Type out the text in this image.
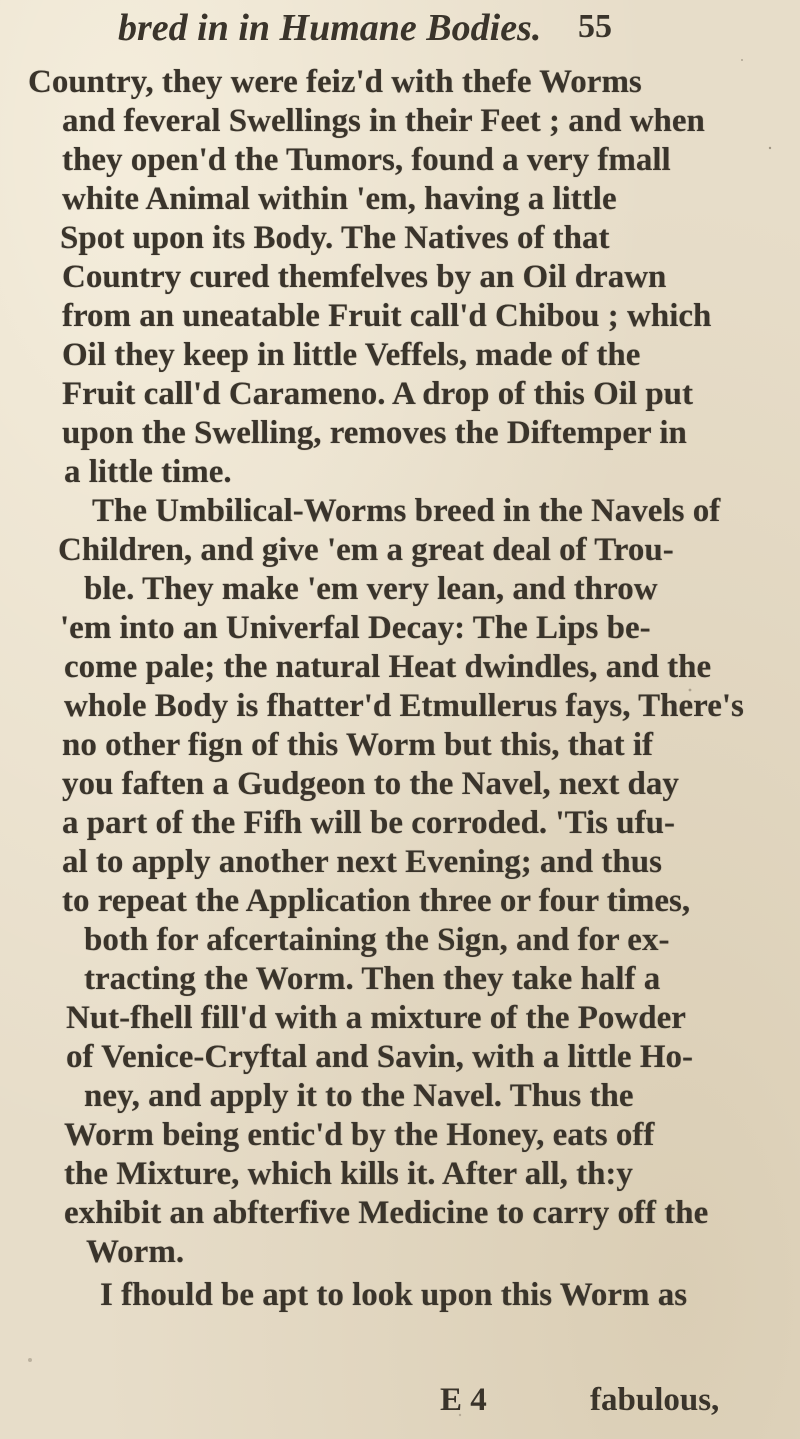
bred in in Humane Bodies. 55
Country, they were feiz'd with thefe Worms
and feveral Swellings in their Feet ; and when
they open'd the Tumors, found a very fmall
white Animal within 'em, having a little
Spot upon its Body. The Natives of that
Country cured themfelves by an Oil drawn
from an uneatable Fruit call'd Chibou ; which
Oil they keep in little Veffels, made of the
Fruit call'd Carameno. A drop of this Oil put
upon the Swelling, removes the Diftemper in
a little time.
The Umbilical-Worms breed in the Navels of
Children, and give 'em a great deal of Trou-
ble. They make 'em very lean, and throw
'em into an Univerfal Decay: The Lips be-
come pale; the natural Heat dwindles, and the
whole Body is fhatter'd Etmullerus fays, There's
no other fign of this Worm but this, that if
you faften a Gudgeon to the Navel, next day
a part of the Fifh will be corroded. 'Tis ufu-
al to apply another next Evening; and thus
to repeat the Application three or four times,
both for afcertaining the Sign, and for ex-
tracting the Worm. Then they take half a
Nut-fhell fill'd with a mixture of the Powder
of Venice-Cryftal and Savin, with a little Ho-
ney, and apply it to the Navel. Thus the
Worm being entic'd by the Honey, eats off
the Mixture, which kills it. After all, th:y
exhibit an abfterfive Medicine to carry off the
Worm.
I fhould be apt to look upon this Worm as
E 4	fabulous,
